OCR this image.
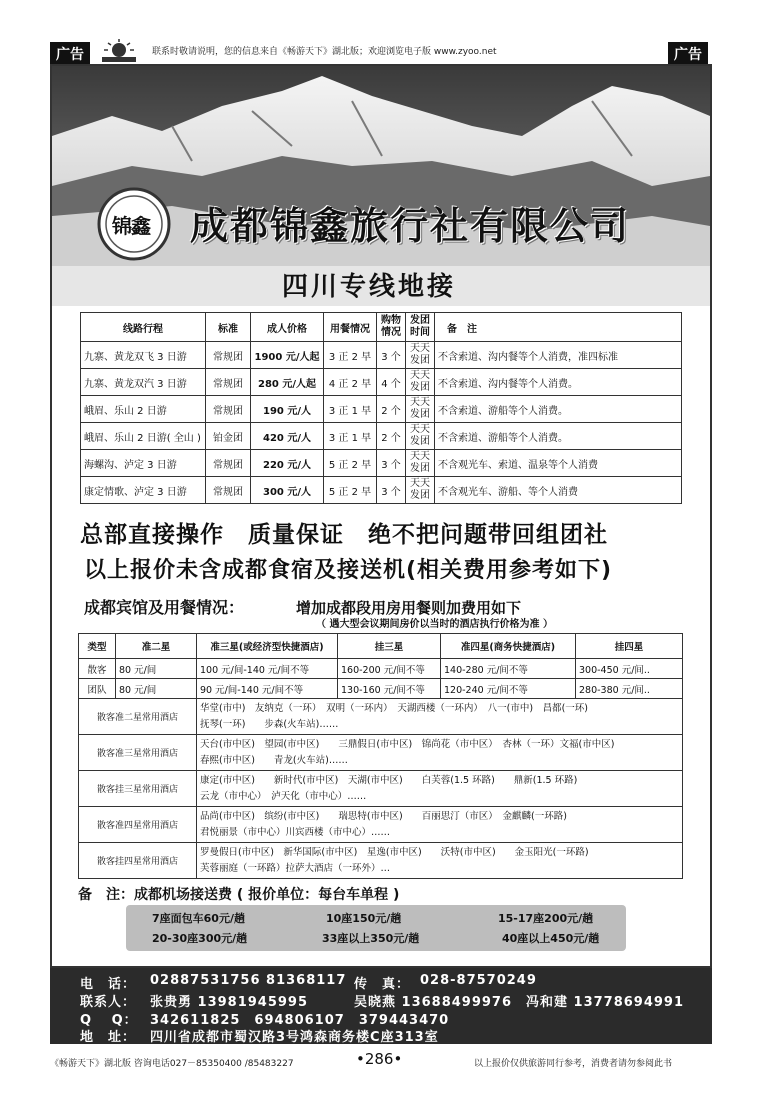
广告	联系时敬请说明，您的信息来自《畅游天下》湖北版；欢迎浏览电子版 www.zyoo.net	广告
锦鑫 成都锦鑫旅行社有限公司
四川专线地接
线路行程	标准	成人价格	用餐情况	购物情况	发团时间	备　注
九寨、黄龙双飞 3 日游	常规团	1900 元/人起	3 正 2 早	3 个	天天发团	不含索道、沟内餐等个人消费，准四标准
九寨、黄龙双汽 3 日游	常规团	280 元/人起	4 正 2 早	4 个	天天发团	不含索道、沟内餐等个人消费。
峨眉、乐山 2 日游	常规团	190 元/人	3 正 1 早	2 个	天天发团	不含索道、游船等个人消费。
峨眉、乐山 2 日游( 全山 )	铂金团	420 元/人	3 正 1 早	2 个	天天发团	不含索道、游船等个人消费。
海螺沟、泸定 3 日游	常规团	220 元/人	5 正 2 早	3 个	天天发团	不含观光车、索道、温泉等个人消费
康定情歌、泸定 3 日游	常规团	300 元/人	5 正 2 早	3 个	天天发团	不含观光车、游船、等个人消费
总部直接操作　质量保证　绝不把问题带回组团社
以上报价未含成都食宿及接送机(相关费用参考如下)
成都宾馆及用餐情况：	增加成都段用房用餐则加费用如下
（ 遇大型会议期间房价以当时的酒店执行价格为准 ）
类型	准二星	准三星(或经济型快捷酒店)	挂三星	准四星(商务快捷酒店)	挂四星
散客	80 元/间	100 元/间-140 元/间不等	160-200 元/间不等	140-280 元/间不等	300-450 元/间..
团队	80 元/间	90 元/间-140 元/间不等	130-160 元/间不等	120-240 元/间不等	280-380 元/间..
散客准二星常用酒店		华堂(市中)　友纳克（一环）　双明（一环内）　天湖西楼（一环内）　八一(市中)　昌都(一环)
抚琴(一环)　　步森(火车站)……			

散客准三星常用酒店		天台(市中区)　望园(市中区)　　三鼎假日(市中区)　锦尚花（市中区）　杏林（一环）文福(市中区)
春熙(市中区)　　青龙(火车站)……			

散客挂三星常用酒店		康定(市中区)　　新时代(市中区)　天湖(市中区)　　白芙蓉(1.5 环路)　　鼎新(1.5 环路)
云龙（市中心）　泸天化（市中心）……			

散客准四星常用酒店		品尚(市中区)　缤纷(市中区)　　瑞思特(市中区)　　百丽思汀（市区）　金麒麟(一环路)
君悦丽景（市中心）川宾西楼（市中心）……			

散客挂四星常用酒店		罗曼假日(市中区)　新华国际(市中区)　星逸(市中区)　　沃特(市中区)　　金玉阳光(一环路)
芙蓉丽庭（一环路）拉萨大酒店（一环外）…			
备　注：成都机场接送费 ( 报价单位：每台车单程 )
7座面包车60元/趟	10座150元/趟	15-17座200元/趟
20-30座300元/趟	33座以上350元/趟	40座以上450元/趟
电　话： 02887531756 81368117 传　真： 028-87570249
联系人： 张贵勇 13981945995	吴晓燕 13688499976 冯和建 13778694991
Q　 Q： 342611825　694806107　379443470
地　址： 四川省成都市蜀汉路3号鸿森商务楼C座313室
《畅游天下》湖北版 咨询电话027－85350400 /85483227	•286•	以上报价仅供旅游同行参考，消费者请勿参阅此书
